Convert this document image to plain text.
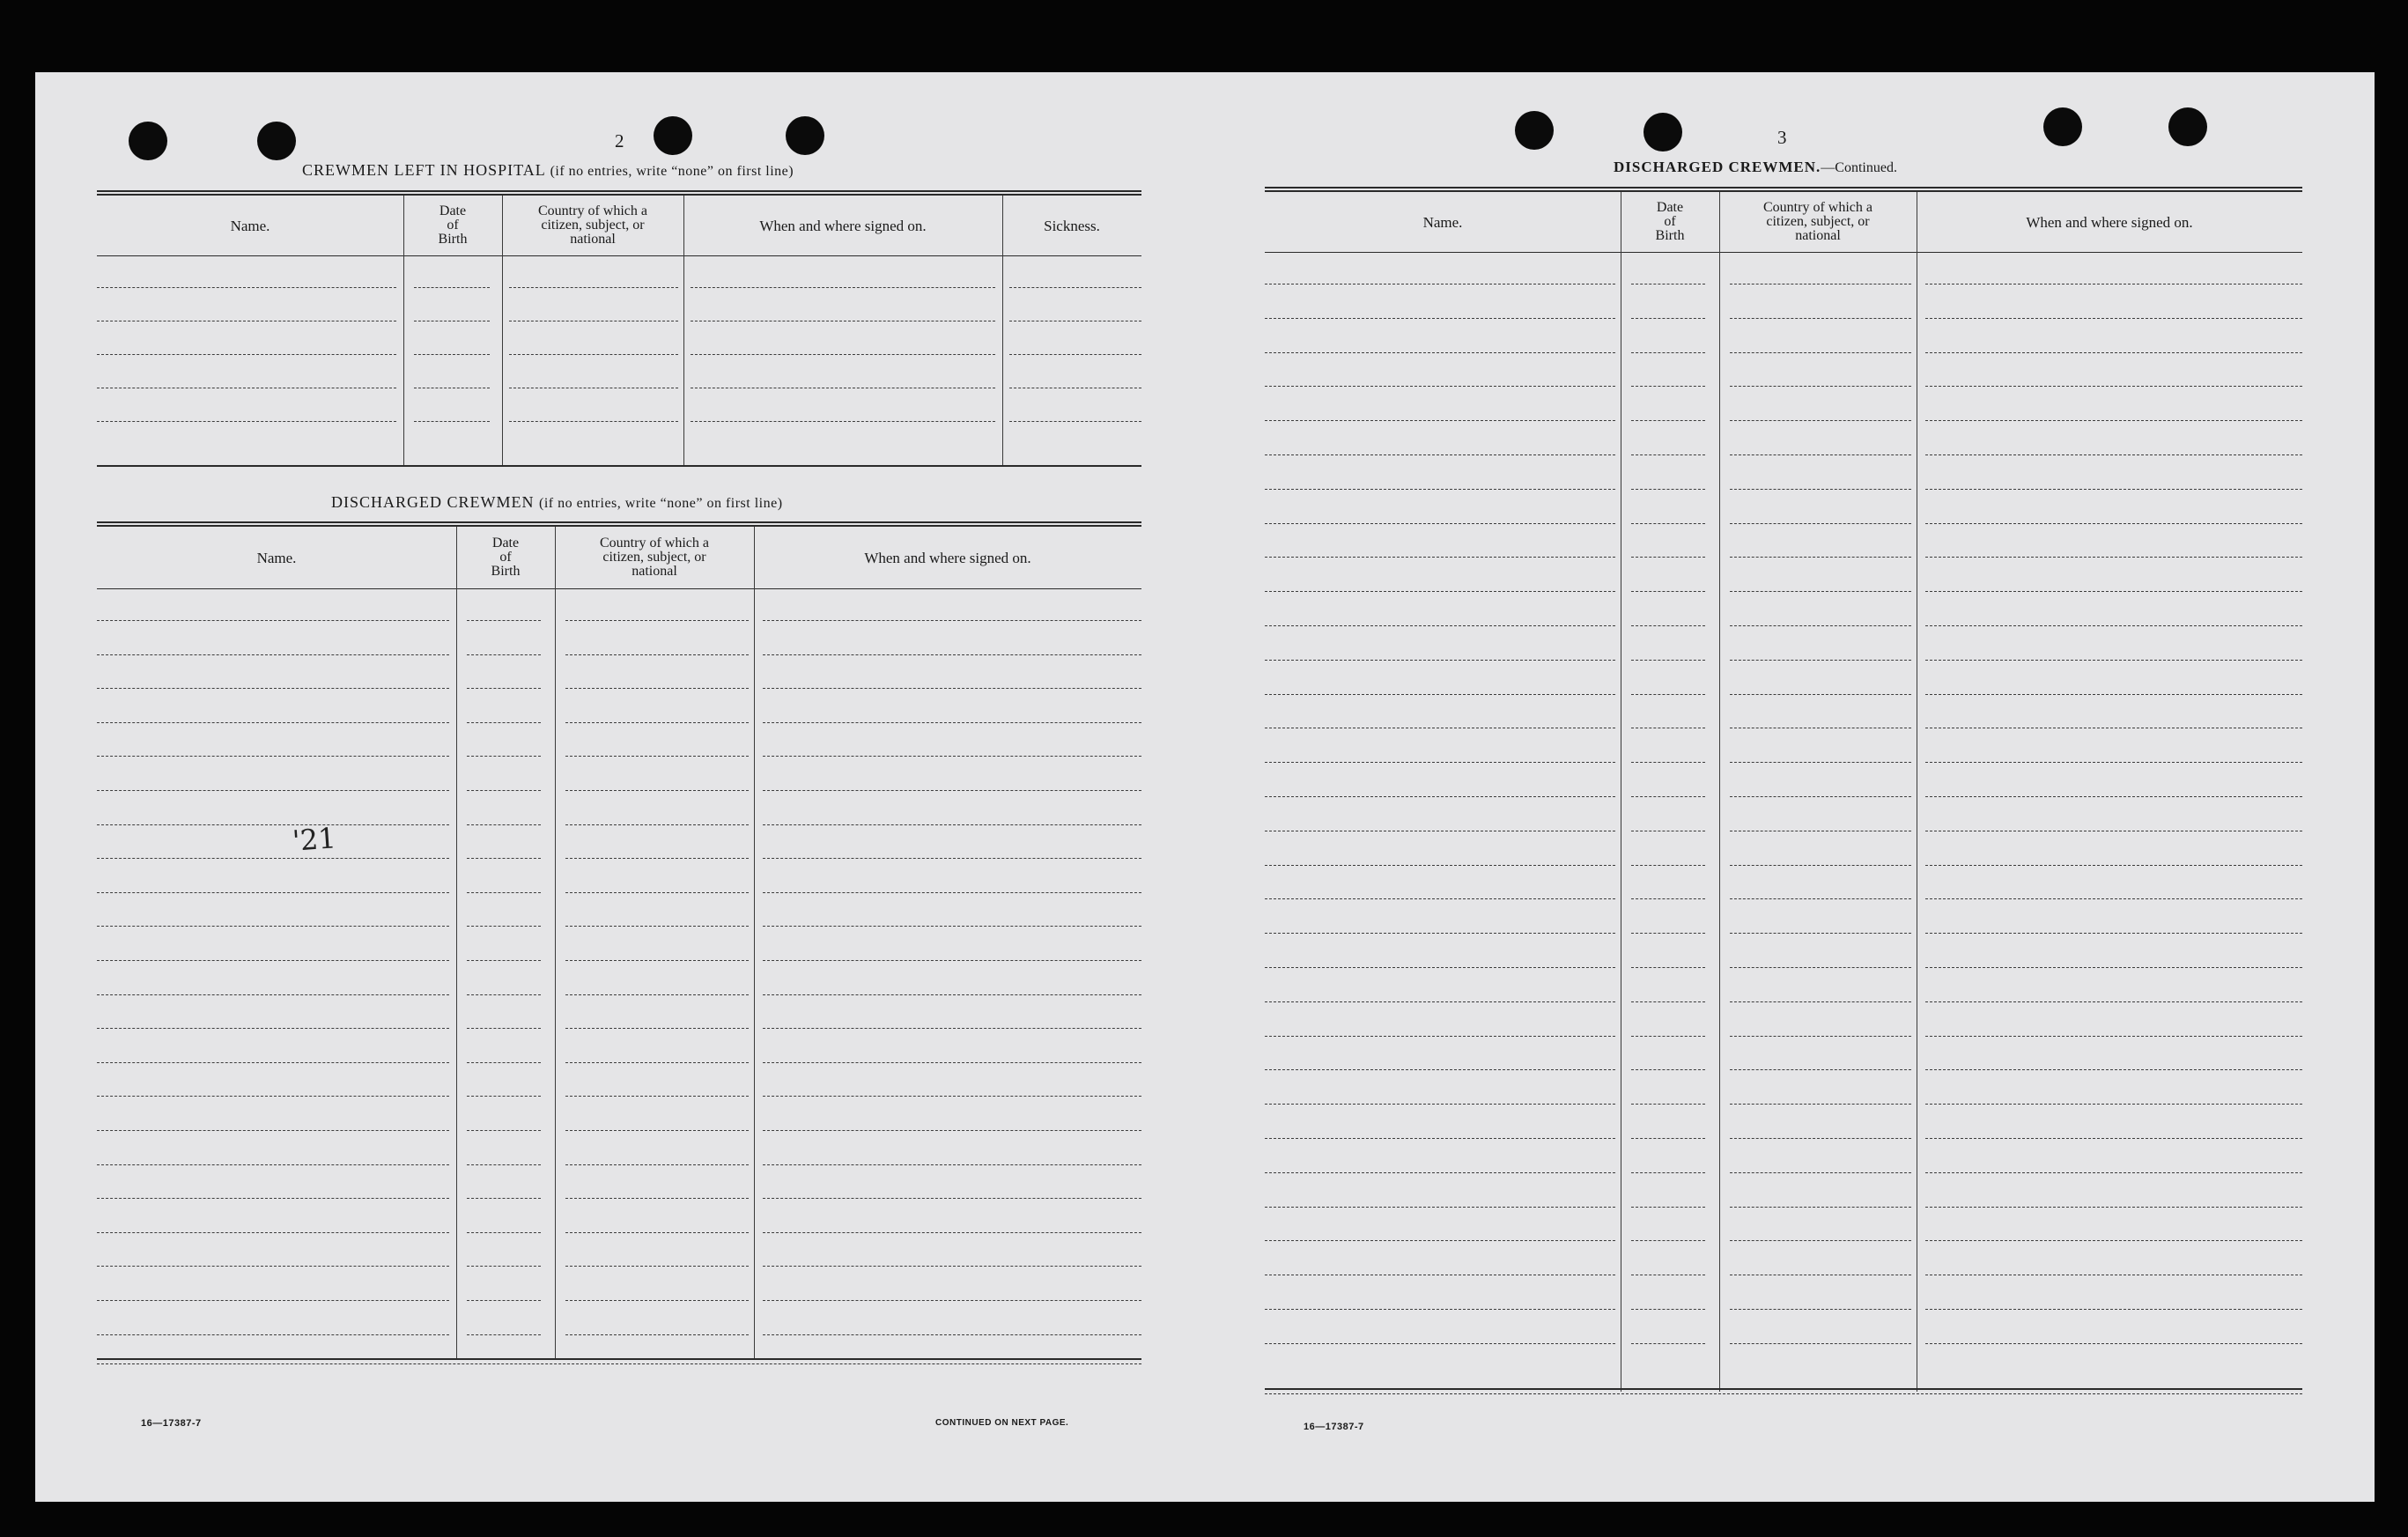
2
CREWMEN LEFT IN HOSPITAL (if no entries, write “none” on first line)
Name.
Date
of
Birth
Country of which a
citizen, subject, or
national
When and where signed on.	Sickness.
DISCHARGED CREWMEN (if no entries, write “none” on first line)
Name.
Date
of
Birth
Country of which a
citizen, subject, or
national
When and where signed on.
'21
16—17387-7	CONTINUED ON NEXT PAGE.
3
DISCHARGED CREWMEN.—Continued.
Name.
Date
of
Birth
Country of which a
citizen, subject, or
national
When and where signed on.
16—17387-7
